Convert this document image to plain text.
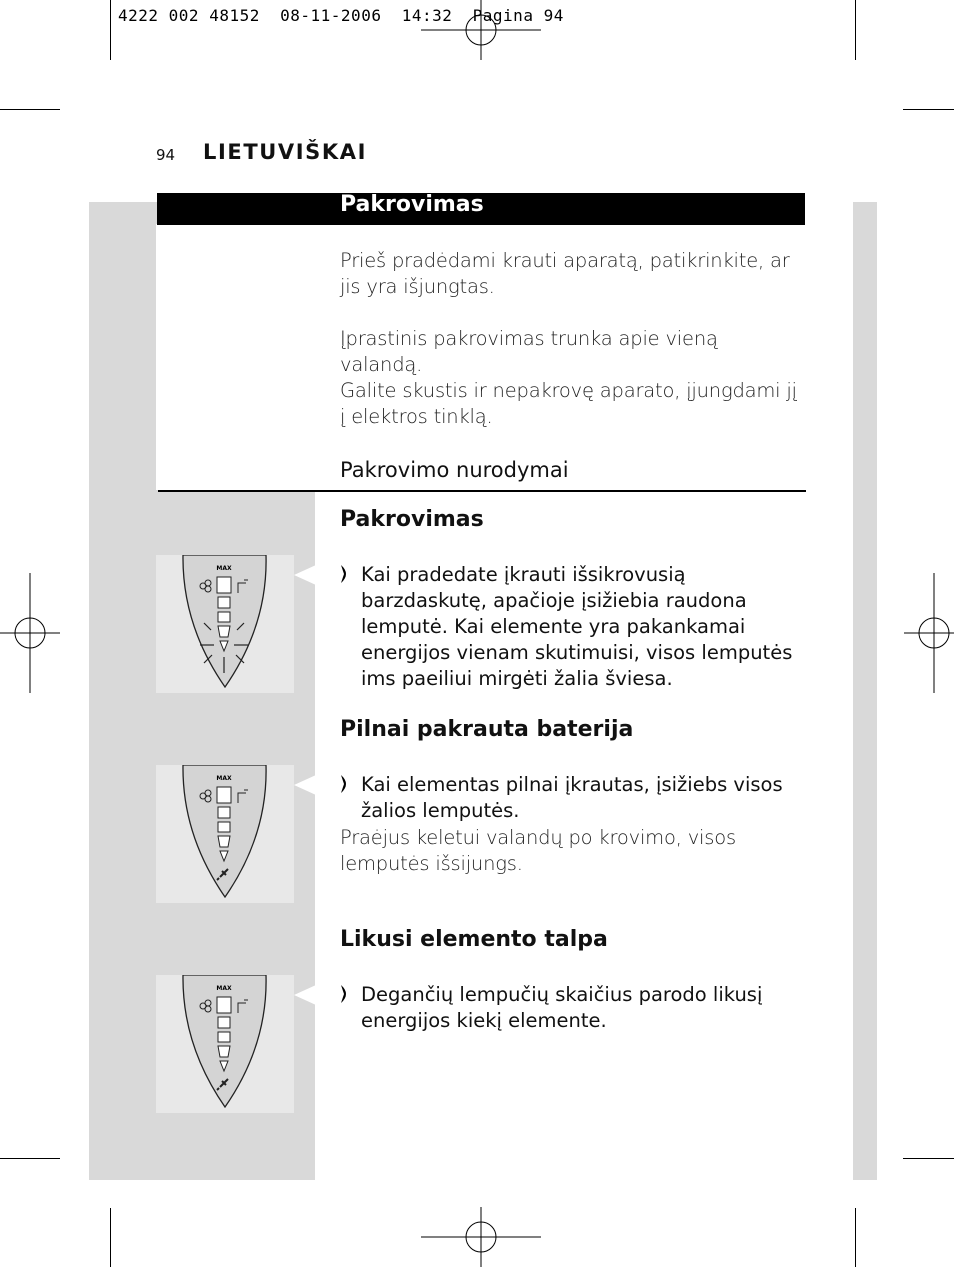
4222 002 48152  08-11-2006  14:32  Pagina 94
94 LIETUVIŠKAI
Pakrovimas
Prieš pradėdami krauti aparatą, patikrinkite, ar jis yra išjungtas.
Įprastinis pakrovimas trunka apie vieną valandą.
Galite skustis ir nepakrovę aparato, įjungdami jį į elektros tinklą.
Pakrovimo nurodymai
Pakrovimas
Kai pradedate įkrauti išsikrovusią barzdaskutę, apačioje įsižiebia raudona lemputė. Kai elemente yra pakankamai energijos vienam skutimuisi, visos lemputės ims paeiliui mirgėti žalia šviesa.
Pilnai pakrauta baterija
Kai elementas pilnai įkrautas, įsižiebs visos žalios lemputės.
Praėjus keletui valandų po krovimo, visos lemputės išsijungs.
Likusi elemento talpa
Degančių lempučių skaičius parodo likusį energijos kiekį elemente.
MAX
MAX
MAX
